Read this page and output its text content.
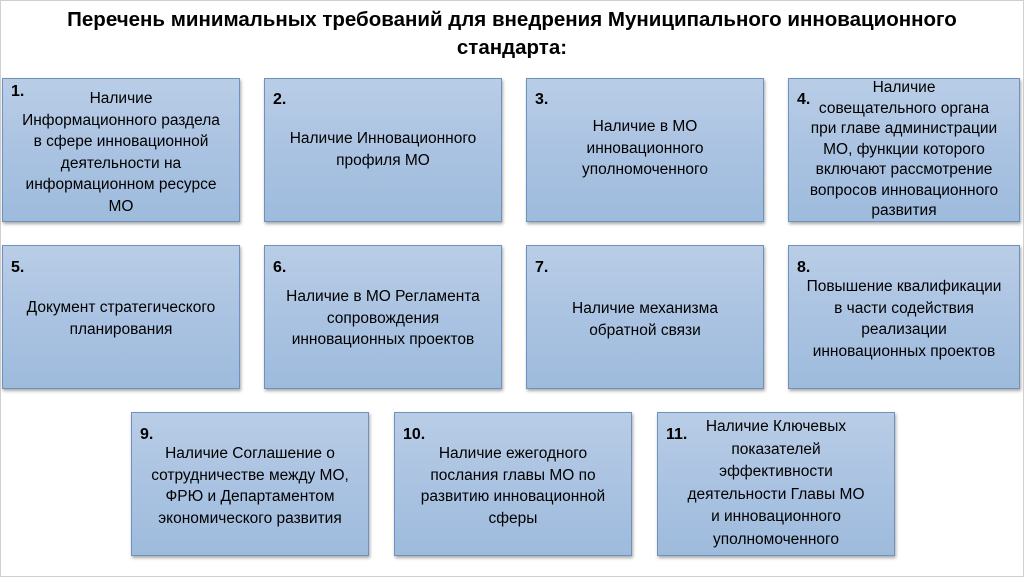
Перечень минимальных требований для внедрения Муниципального инновационного
стандарта:
1.	Наличие
Информационного раздела
в сфере инновационной
деятельности на
информационном ресурсе
МО
2.
Наличие Инновационного
профиля МО
3.
Наличие в МО
инновационного
уполномоченного
4.
Наличие
совещательного органа
при главе администрации
МО, функции которого
включают рассмотрение
вопросов инновационного
развития
5.
Документ стратегического
планирования
6.
Наличие в МО Регламента
сопровождения
инновационных проектов
7.
Наличие механизма
обратной связи
8.
Повышение квалификации
в части содействия
реализации
инновационных проектов
9.
Наличие Соглашение о
сотрудничестве между МО,
ФРЮ и Департаментом
экономического развития
10.
Наличие ежегодного
послания главы МО по
развитию инновационной
сферы
11.	Наличие Ключевых
показателей
эффективности
деятельности Главы МО
и инновационного
уполномоченного
